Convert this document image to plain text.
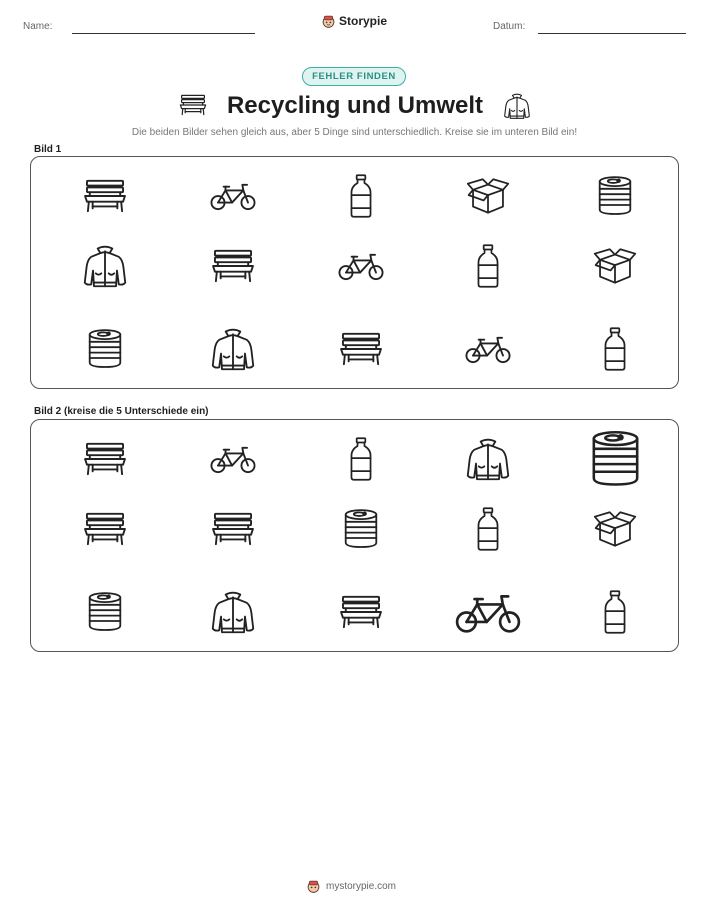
Name:	Storypie	Datum:
FEHLER FINDEN
Recycling und Umwelt
Die beiden Bilder sehen gleich aus, aber 5 Dinge sind unterschiedlich. Kreise sie im unteren Bild ein!
Bild 1
Bild 2 (kreise die 5 Unterschiede ein)
mystorypie.com
